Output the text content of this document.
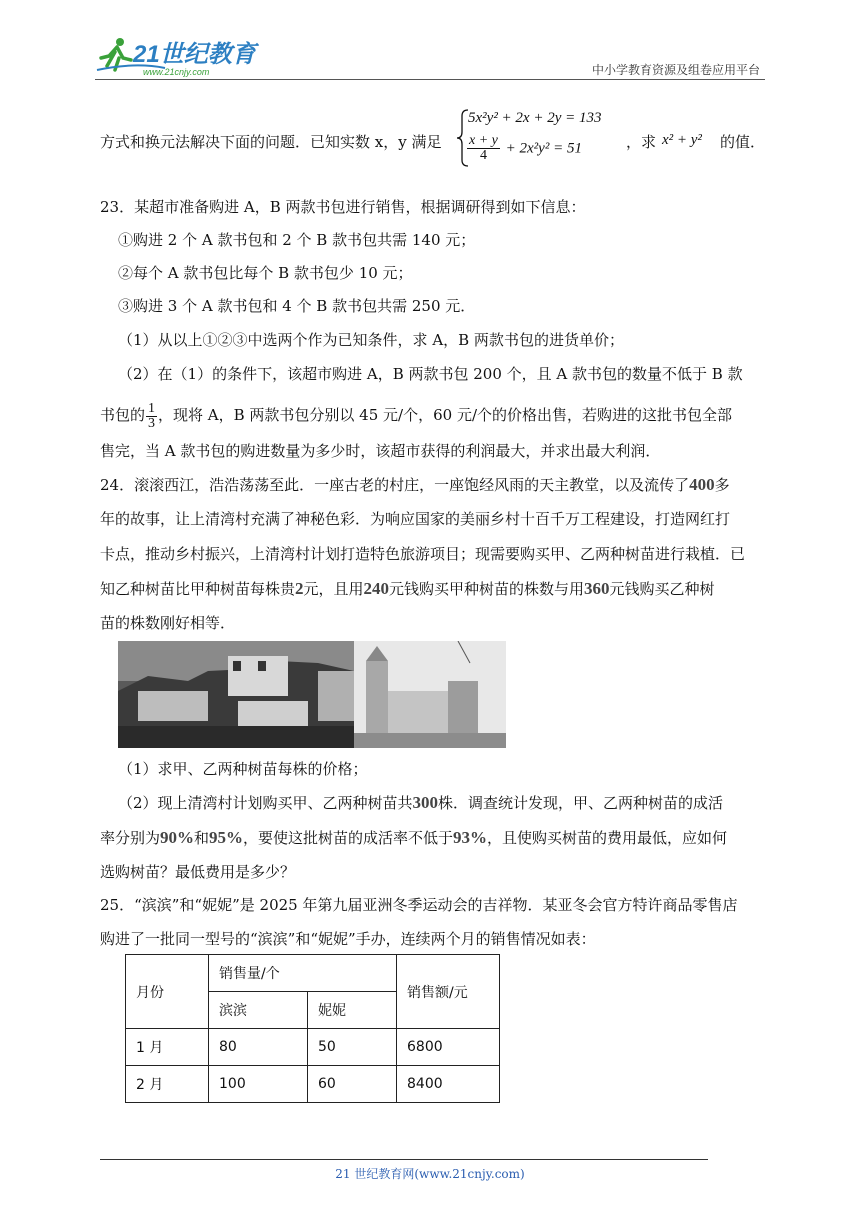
21世纪教育
www.21cnjy.com	中小学教育资源及组卷应用平台
方式和换元法解决下面的问题．已知实数 x，y 满足
5x²y² + 2x + 2y = 133
$\frac{x + y}{4} + 2x^2y^2 = 51$	，求 x² + y² 的值．
23．某超市准备购进 A，B 两款书包进行销售，根据调研得到如下信息：
①购进 2 个 A 款书包和 2 个 B 款书包共需 140 元；
②每个 A 款书包比每个 B 款书包少 10 元；
③购进 3 个 A 款书包和 4 个 B 款书包共需 250 元．
（1）从以上①②③中选两个作为已知条件，求 A，B 两款书包的进货单价；
（2）在（1）的条件下，该超市购进 A，B 两款书包 200 个，且 A 款书包的数量不低于 B 款
书包的 $\frac{1}{3}$ ，现将 A，B 两款书包分别以 45 元/个，60 元/个的价格出售，若购进的这批书包全部
售完，当 A 款书包的购进数量为多少时，该超市获得的利润最大，并求出最大利润．
24．滚滚西江，浩浩荡荡至此．一座古老的村庄，一座饱经风雨的天主教堂，以及流传了400多
年的故事，让上清湾村充满了神秘色彩．为响应国家的美丽乡村十百千万工程建设，打造网红打
卡点，推动乡村振兴，上清湾村计划打造特色旅游项目；现需要购买甲、乙两种树苗进行栽植．已
知乙种树苗比甲种树苗每株贵2元，且用240元钱购买甲种树苗的株数与用360元钱购买乙种树
苗的株数刚好相等．
（1）求甲、乙两种树苗每株的价格；
（2）现上清湾村计划购买甲、乙两种树苗共300株．调查统计发现，甲、乙两种树苗的成活
率分别为90%和95%，要使这批树苗的成活率不低于93%，且使购买树苗的费用最低，应如何
选购树苗？最低费用是多少？
25．“滨滨”和“妮妮”是 2025 年第九届亚洲冬季运动会的吉祥物．某亚冬会官方特许商品零售店
购进了一批同一型号的“滨滨”和“妮妮”手办，连续两个月的销售情况如表：
月份	销售量/个		销售额/元
	滨滨	妮妮	
1 月	80	50	6800
2 月	100	60	8400
21 世纪教育网(www.21cnjy.com)
